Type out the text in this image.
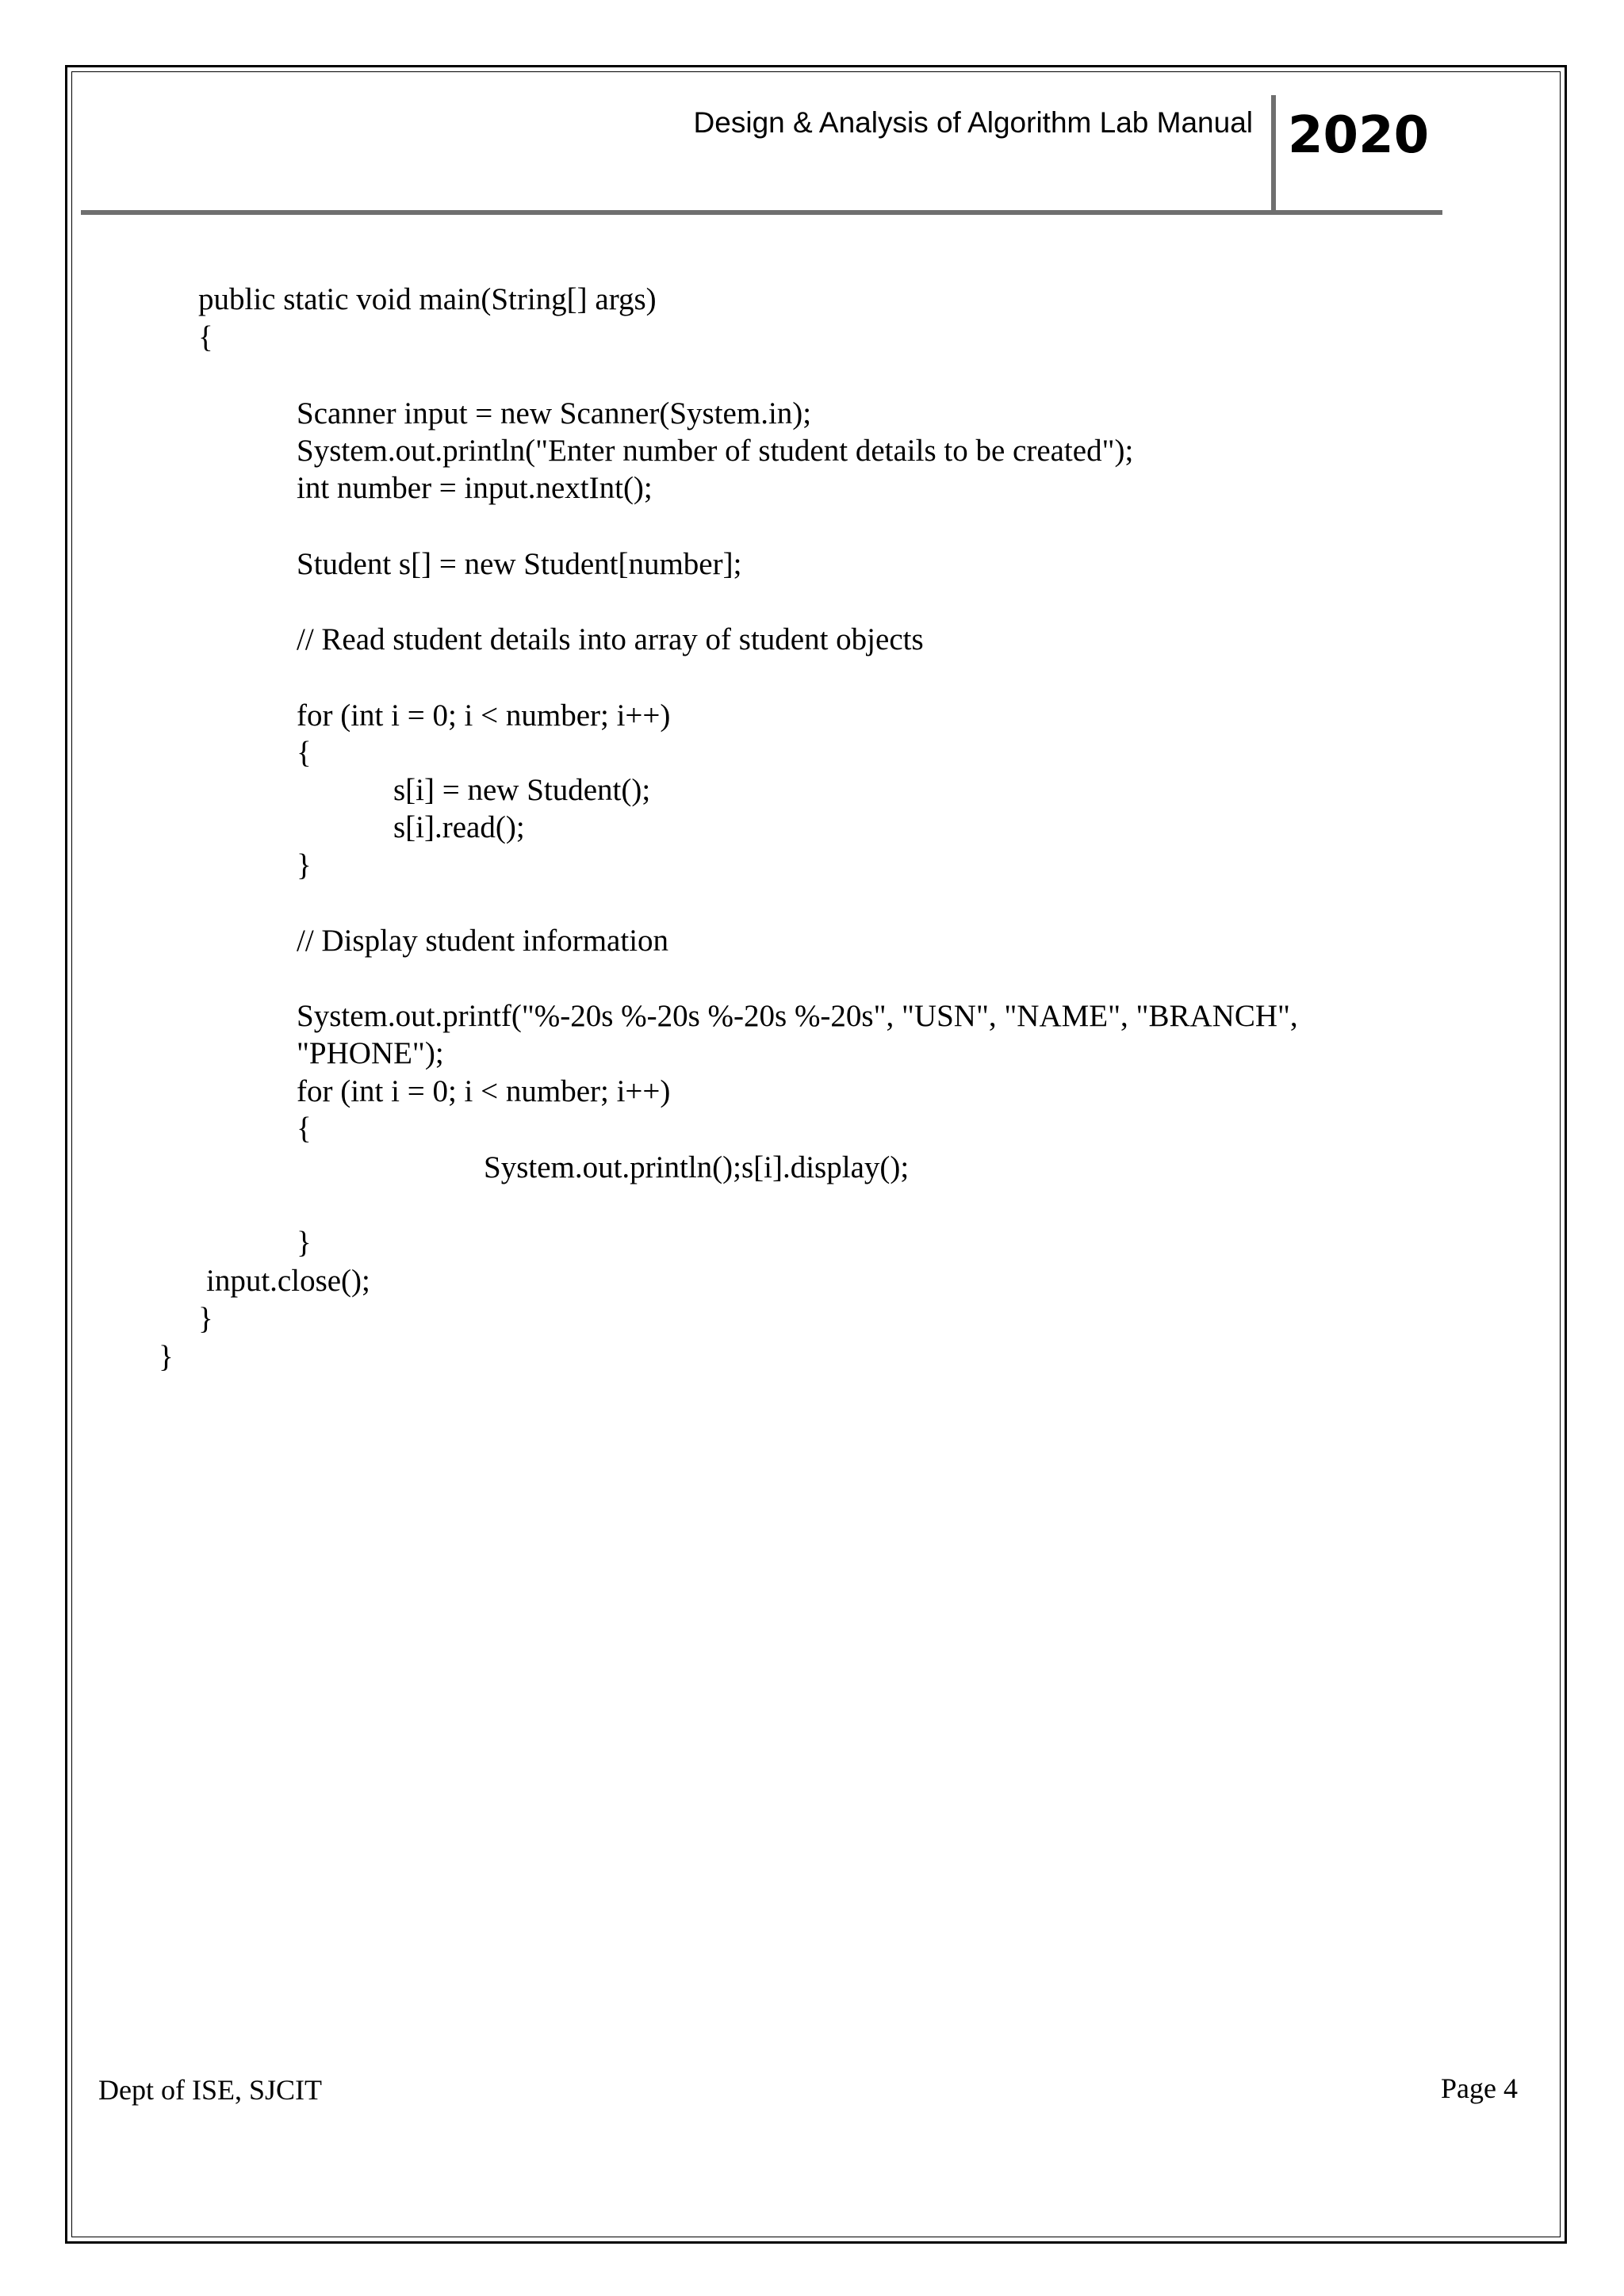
Design & Analysis of Algorithm Lab Manual 2020
public static void main(String[] args)
{
Scanner input = new Scanner(System.in);
System.out.println("Enter number of student details to be created");
int number = input.nextInt();
Student s[] = new Student[number];
// Read student details into array of student objects
for (int i = 0; i < number; i++)
{
s[i] = new Student();
s[i].read();
}
// Display student information
System.out.printf("%-20s %-20s %-20s %-20s", "USN", "NAME", "BRANCH",
"PHONE");
for (int i = 0; i < number; i++)
{
System.out.println();s[i].display();
}
input.close();
}
}
Dept of ISE, SJCIT	Page 4
